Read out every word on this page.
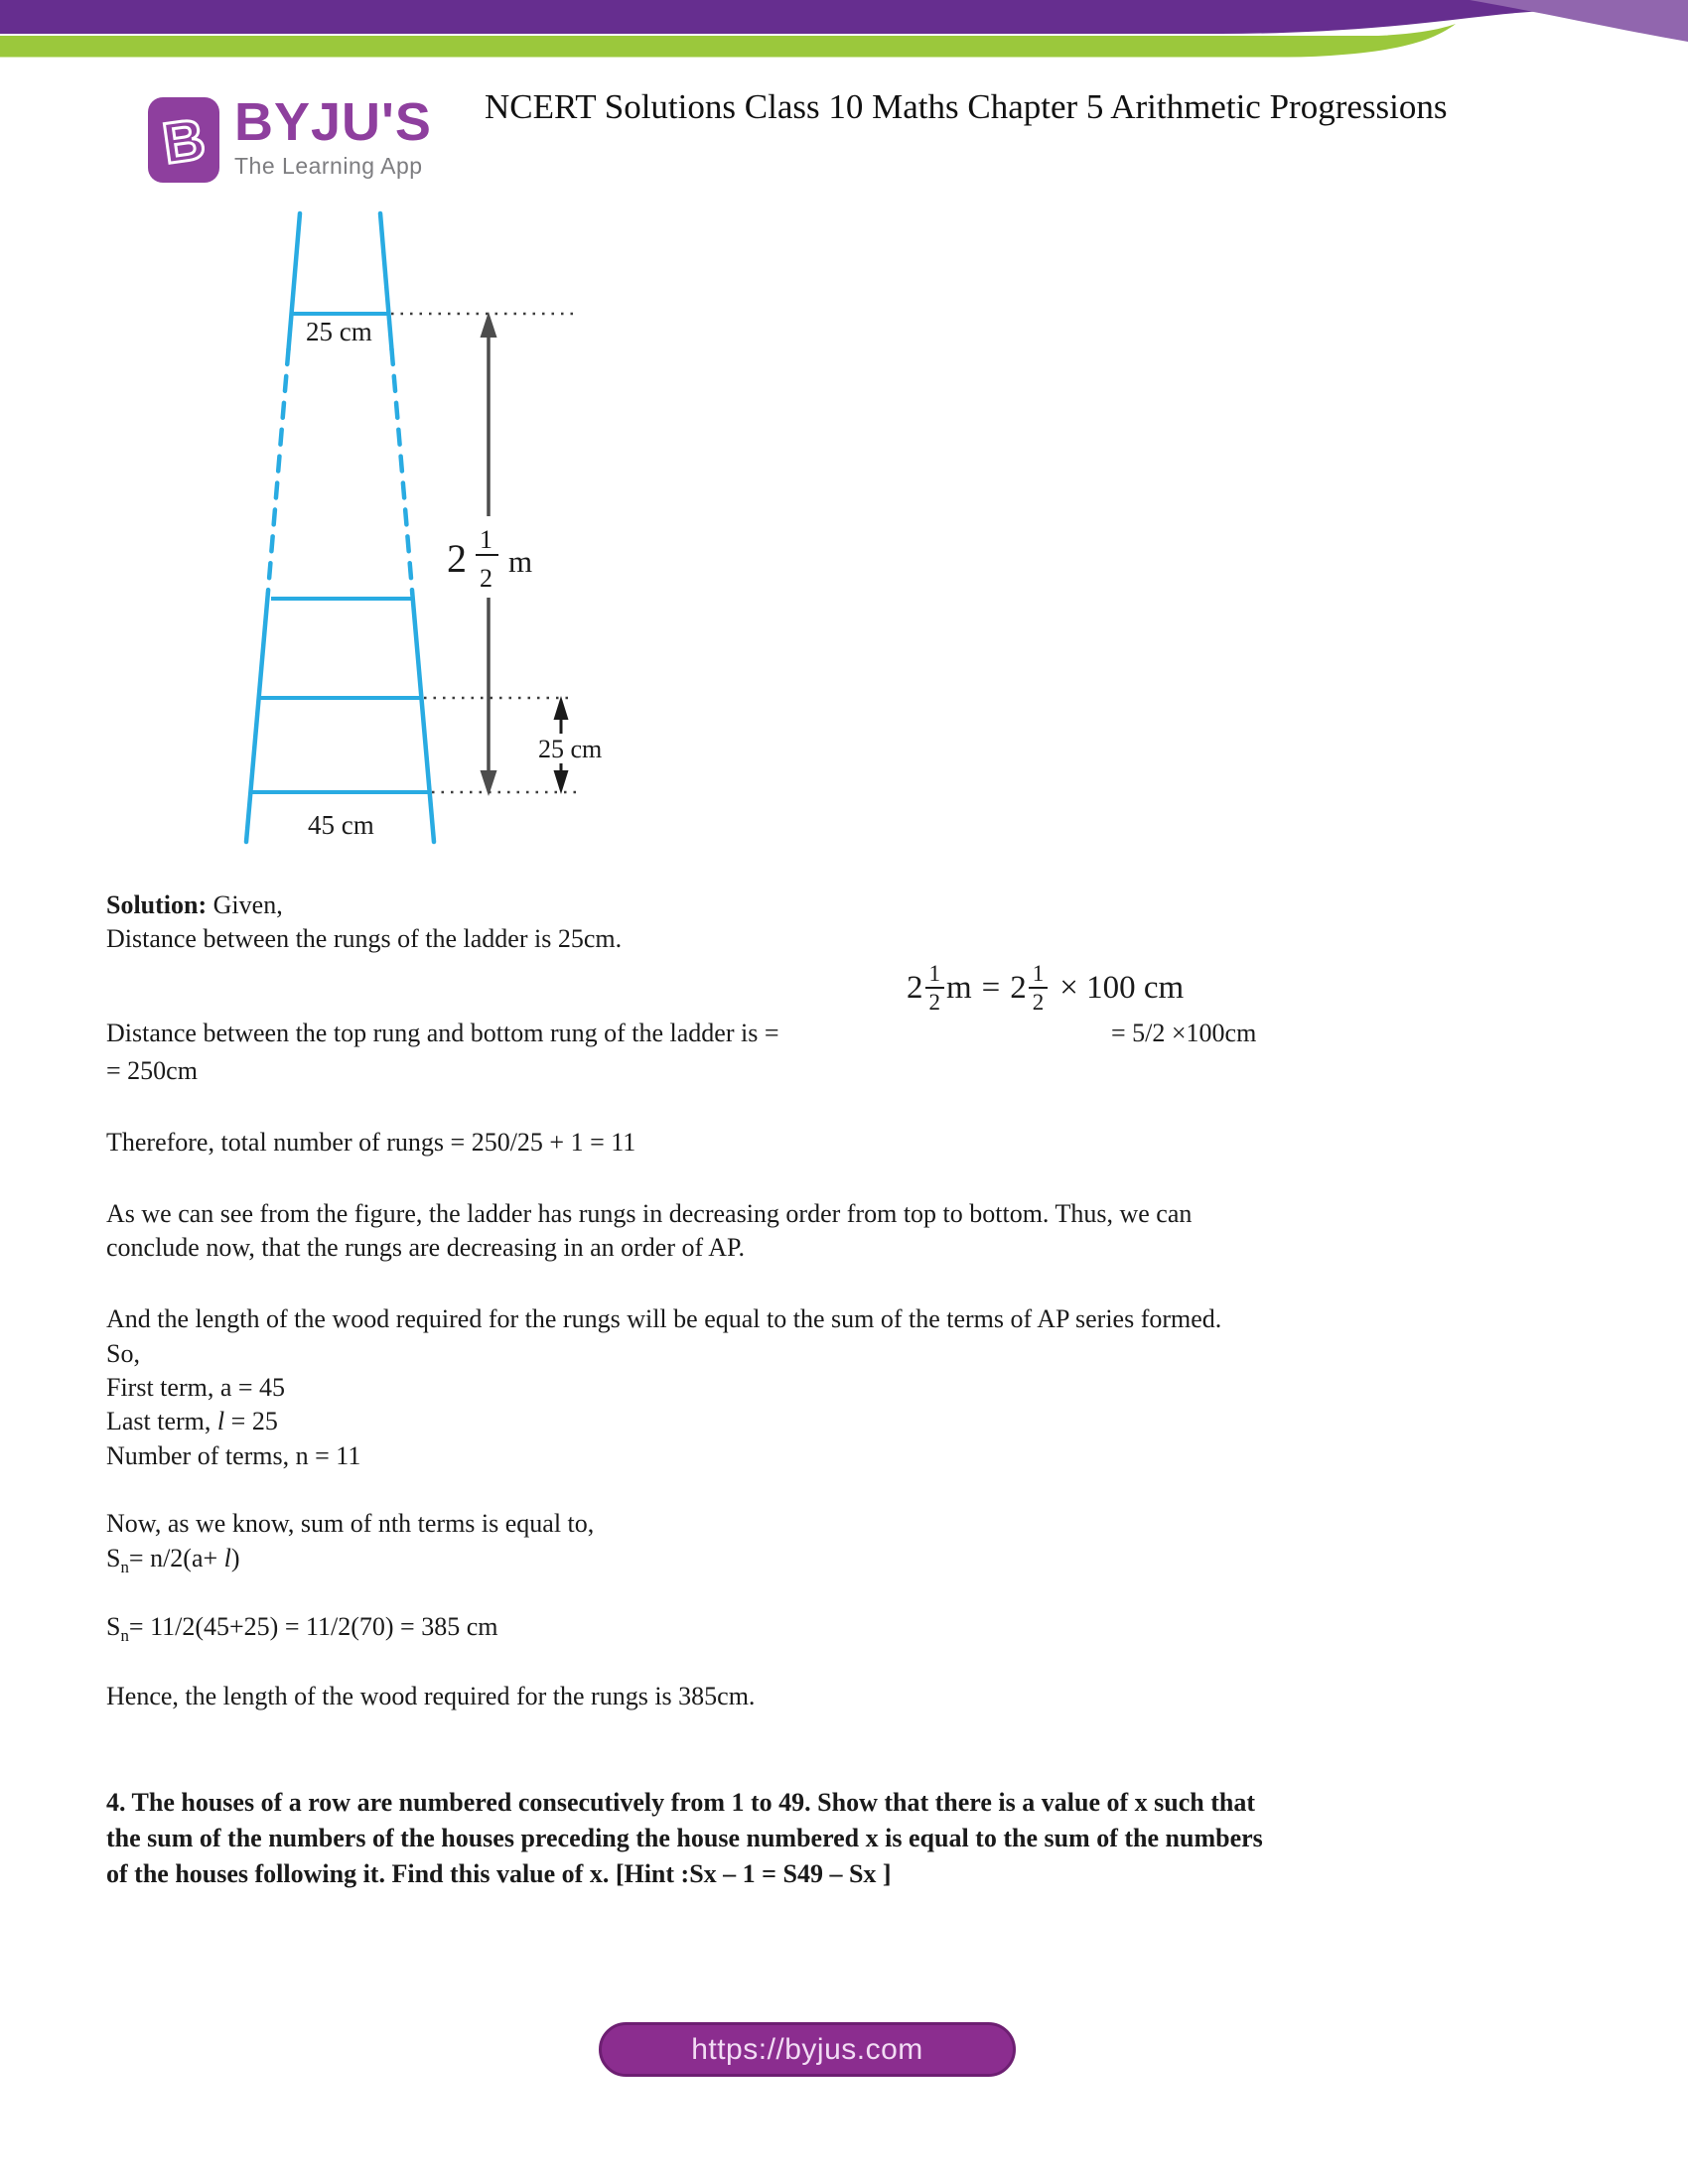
B BYJU'S
The Learning App
NCERT Solutions Class 10 Maths Chapter 5 Arithmetic Progressions
2 1
2 m
25 cm
45 cm
25 cm
Solution: Given,
Distance between the rungs of the ladder is 25cm.
Distance between the top rung and bottom rung of the ladder is =
$2 \frac{1}{2}$ $m = 2 \frac{1}{2} \times 100$ cm
= 5/2 ×100cm
= 250cm
Therefore, total number of rungs = 250/25 + 1 = 11
As we can see from the figure, the ladder has rungs in decreasing order from top to bottom. Thus, we can
conclude now, that the rungs are decreasing in an order of AP.
And the length of the wood required for the rungs will be equal to the sum of the terms of AP series formed.
So,
First term, a = 45
Last term, l = 25
Number of terms, n = 11
Now, as we know, sum of nth terms is equal to,
$S_n= n/2(a+ l)$
$S_n= 11/2(45+25) = 11/2(70) = 385$ cm
Hence, the length of the wood required for the rungs is 385cm.
4. The houses of a row are numbered consecutively from 1 to 49. Show that there is a value of x such that
the sum of the numbers of the houses preceding the house numbered x is equal to the sum of the numbers
of the houses following it. Find this value of x. [Hint :Sx – 1 = S49 – Sx ]
https://byjus.com
